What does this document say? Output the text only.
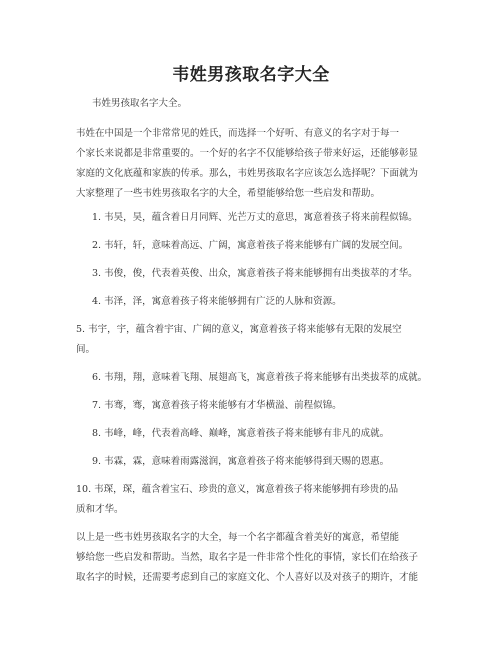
韦姓男孩取名字大全

韦姓男孩取名字大全。

韦姓在中国是一个非常常见的姓氏，而选择一个好听、有意义的名字对于每一
个家长来说都是非常重要的。一个好的名字不仅能够给孩子带来好运，还能够彰显
家庭的文化底蕴和家族的传承。那么，韦姓男孩取名字应该怎么选择呢？下面就为
大家整理了一些韦姓男孩取名字的大全，希望能够给您一些启发和帮助。

1. 韦昊，昊，蕴含着日月同辉、光芒万丈的意思，寓意着孩子将来前程似锦。

2. 韦轩，轩，意味着高远、广阔，寓意着孩子将来能够有广阔的发展空间。

3. 韦俊，俊，代表着英俊、出众，寓意着孩子将来能够拥有出类拔萃的才华。

4. 韦泽，泽，寓意着孩子将来能够拥有广泛的人脉和资源。

5. 韦宇，宇，蕴含着宇宙、广阔的意义，寓意着孩子将来能够有无限的发展空
间。

6. 韦翔，翔，意味着飞翔、展翅高飞，寓意着孩子将来能够有出类拔萃的成就。

7. 韦骞，骞，寓意着孩子将来能够有才华横溢、前程似锦。

8. 韦峰，峰，代表着高峰、巅峰，寓意着孩子将来能够有非凡的成就。

9. 韦霖，霖，意味着雨露滋润，寓意着孩子将来能够得到天赐的恩惠。

10. 韦琛，琛，蕴含着宝石、珍贵的意义，寓意着孩子将来能够拥有珍贵的品
质和才华。

以上是一些韦姓男孩取名字的大全，每一个名字都蕴含着美好的寓意，希望能
够给您一些启发和帮助。当然，取名字是一件非常个性化的事情，家长们在给孩子
取名字的时候，还需要考虑到自己的家庭文化、个人喜好以及对孩子的期许，才能
